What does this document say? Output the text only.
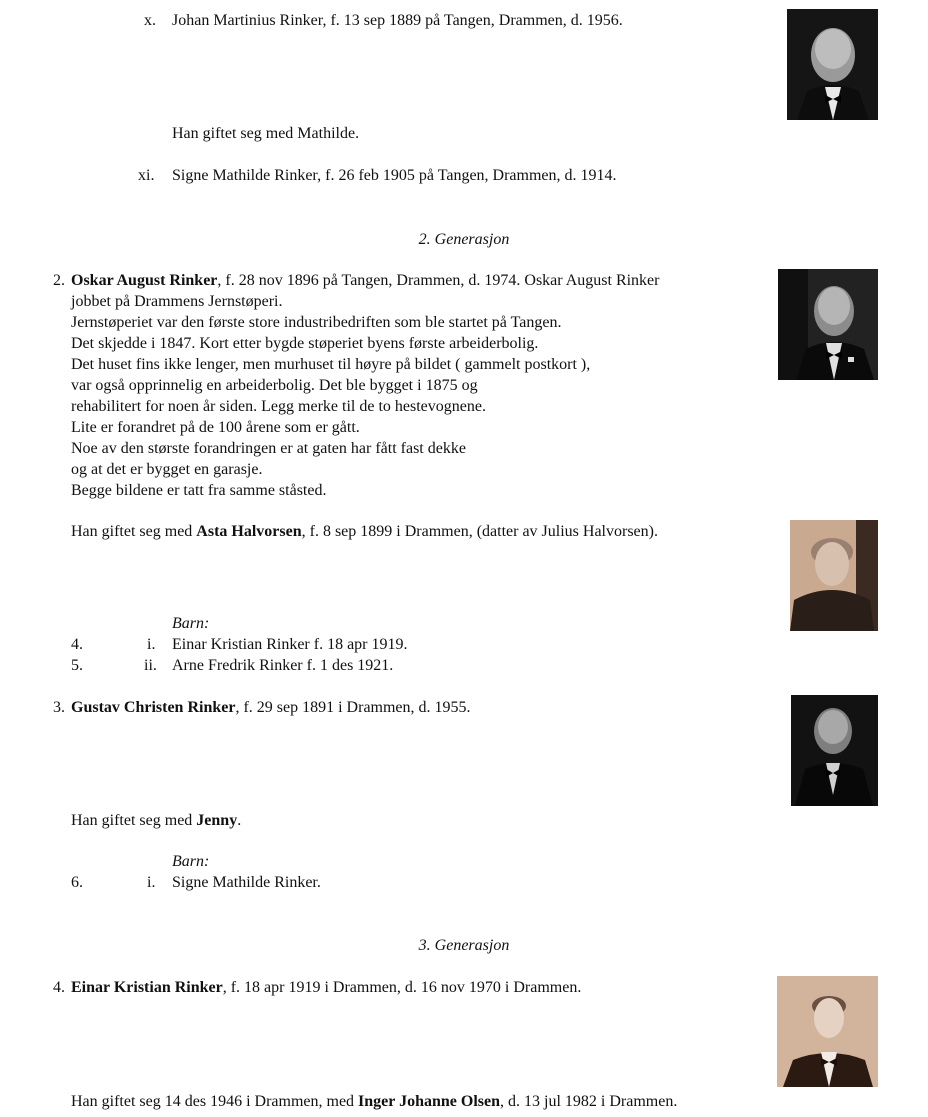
x. Johan Martinius Rinker, f. 13 sep 1889 på Tangen, Drammen, d. 1956.
Han giftet seg med Mathilde.
xi. Signe Mathilde Rinker, f. 26 feb 1905 på Tangen, Drammen, d. 1914.
2. Generasjon
2. Oskar August Rinker, f. 28 nov 1896 på Tangen, Drammen, d. 1974. Oskar August Rinker
jobbet på Drammens Jernstøperi.
Jernstøperiet var den første store industribedriften som ble startet på Tangen.
Det skjedde i 1847. Kort etter bygde støperiet byens første arbeiderbolig.
Det huset fins ikke lenger, men murhuset til høyre på bildet ( gammelt postkort ),
var også opprinnelig en arbeiderbolig. Det ble bygget i 1875 og
rehabilitert for noen år siden. Legg merke til de to hestevognene.
Lite er forandret på de 100 årene som er gått.
Noe av den største forandringen er at gaten har fått fast dekke
og at det er bygget en garasje.
Begge bildene er tatt fra samme ståsted.
Han giftet seg med Asta Halvorsen, f. 8 sep 1899 i Drammen, (datter av Julius Halvorsen).
Barn:
4.	i. Einar Kristian Rinker f. 18 apr 1919.
5.	ii. Arne Fredrik Rinker f. 1 des 1921.
3. Gustav Christen Rinker, f. 29 sep 1891 i Drammen, d. 1955.
Han giftet seg med Jenny.
Barn:
6.	i. Signe Mathilde Rinker.
3. Generasjon
4. Einar Kristian Rinker, f. 18 apr 1919 i Drammen, d. 16 nov 1970 i Drammen.
Han giftet seg 14 des 1946 i Drammen, med Inger Johanne Olsen, d. 13 jul 1982 i Drammen.
